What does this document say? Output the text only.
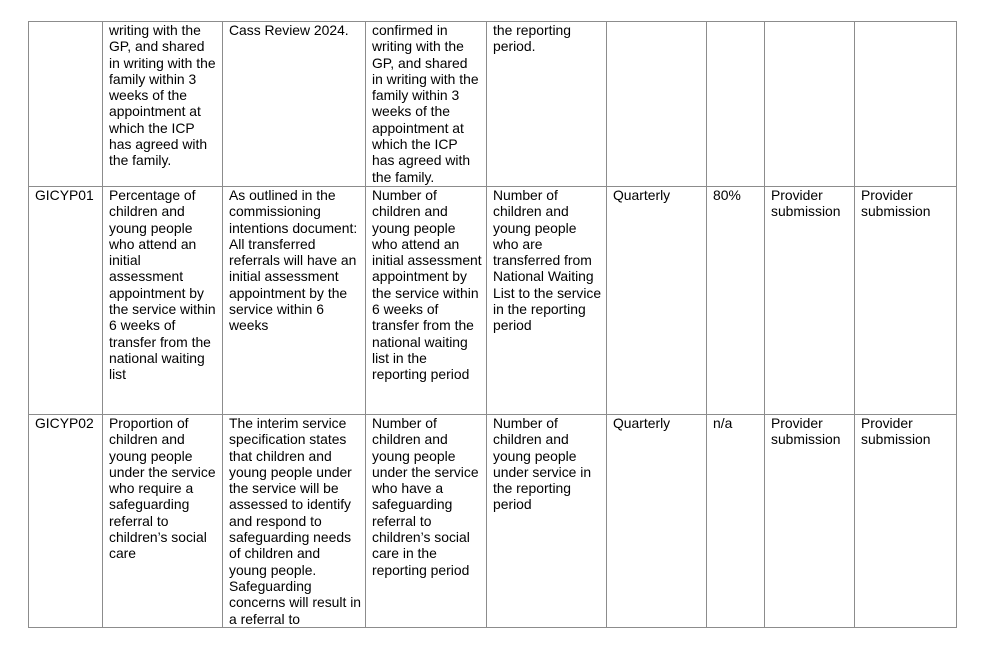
	writing with the GP, and shared in writing with the family within 3 weeks of the appointment at which the ICP has agreed with the family.	Cass Review 2024.	confirmed in writing with the GP, and shared in writing with the family within 3 weeks of the appointment at which the ICP has agreed with the family.	the reporting period.				
GICYP01	Percentage of children and young people who attend an initial assessment appointment by the service within 6 weeks of transfer from the national waiting list	As outlined in the commissioning intentions document: All transferred referrals will have an initial assessment appointment by the service within 6 weeks	Number of children and young people who attend an initial assessment appointment by the service within 6 weeks of transfer from the national waiting list in the reporting period	Number of children and young people who are transferred from National Waiting List to the service in the reporting period	Quarterly	80%	Provider submission	Provider submission
GICYP02	Proportion of children and young people under the service who require a safeguarding referral to children’s social care	The interim service specification states that children and young people under the service will be assessed to identify and respond to safeguarding needs of children and young people. Safeguarding concerns will result in a referral to	Number of children and young people under the service who have a safeguarding referral to children’s social care in the reporting period	Number of children and young people under service in the reporting period	Quarterly	n/a	Provider submission	Provider submission
